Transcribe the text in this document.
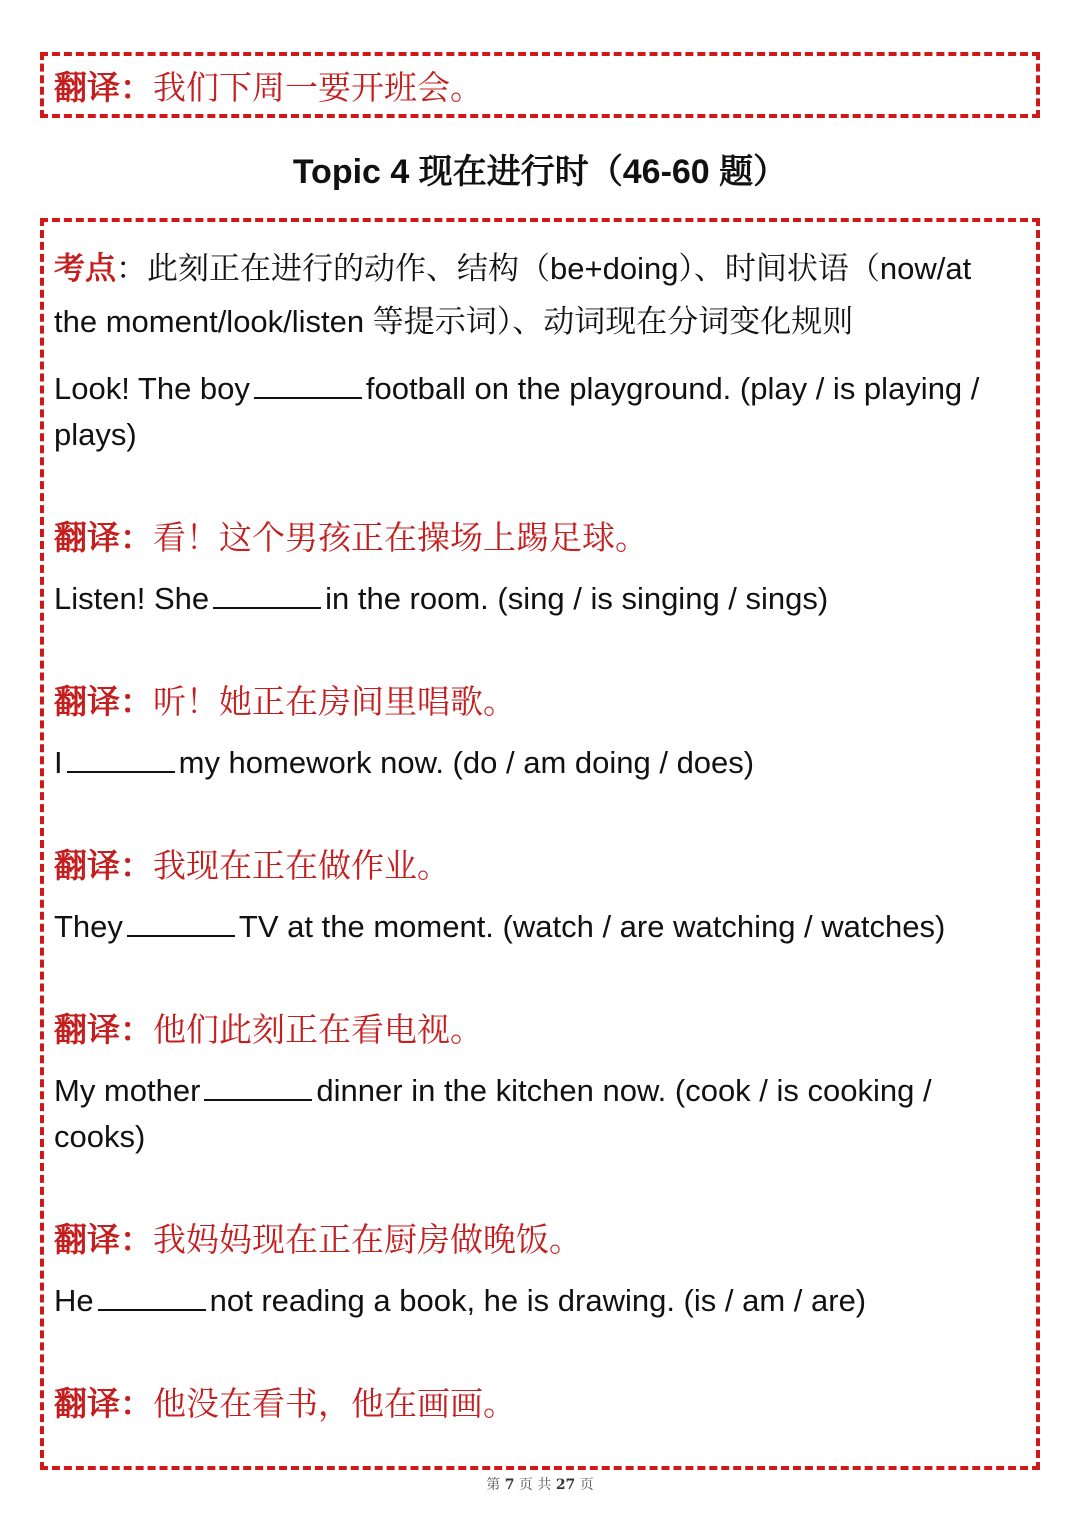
翻译：我们下周一要开班会。
Topic 4 现在进行时（46-60 题）
考点：此刻正在进行的动作、结构（be+doing）、时间状语（now/at the moment/look/listen 等提示词）、动词现在分词变化规则

Look! The boy	football on the playground. (play / is playing / plays)

翻译：看！这个男孩正在操场上踢足球。

Listen! She	in the room. (sing / is singing / sings)

翻译：听！她正在房间里唱歌。

I	my homework now. (do / am doing / does)

翻译：我现在正在做作业。

They	TV at the moment. (watch / are watching / watches)

翻译：他们此刻正在看电视。

My mother	dinner in the kitchen now. (cook / is cooking / cooks)

翻译：我妈妈现在正在厨房做晚饭。

He	not reading a book, he is drawing. (is / am / are)

翻译：他没在看书，他在画画。
第 7 页 共 27 页
